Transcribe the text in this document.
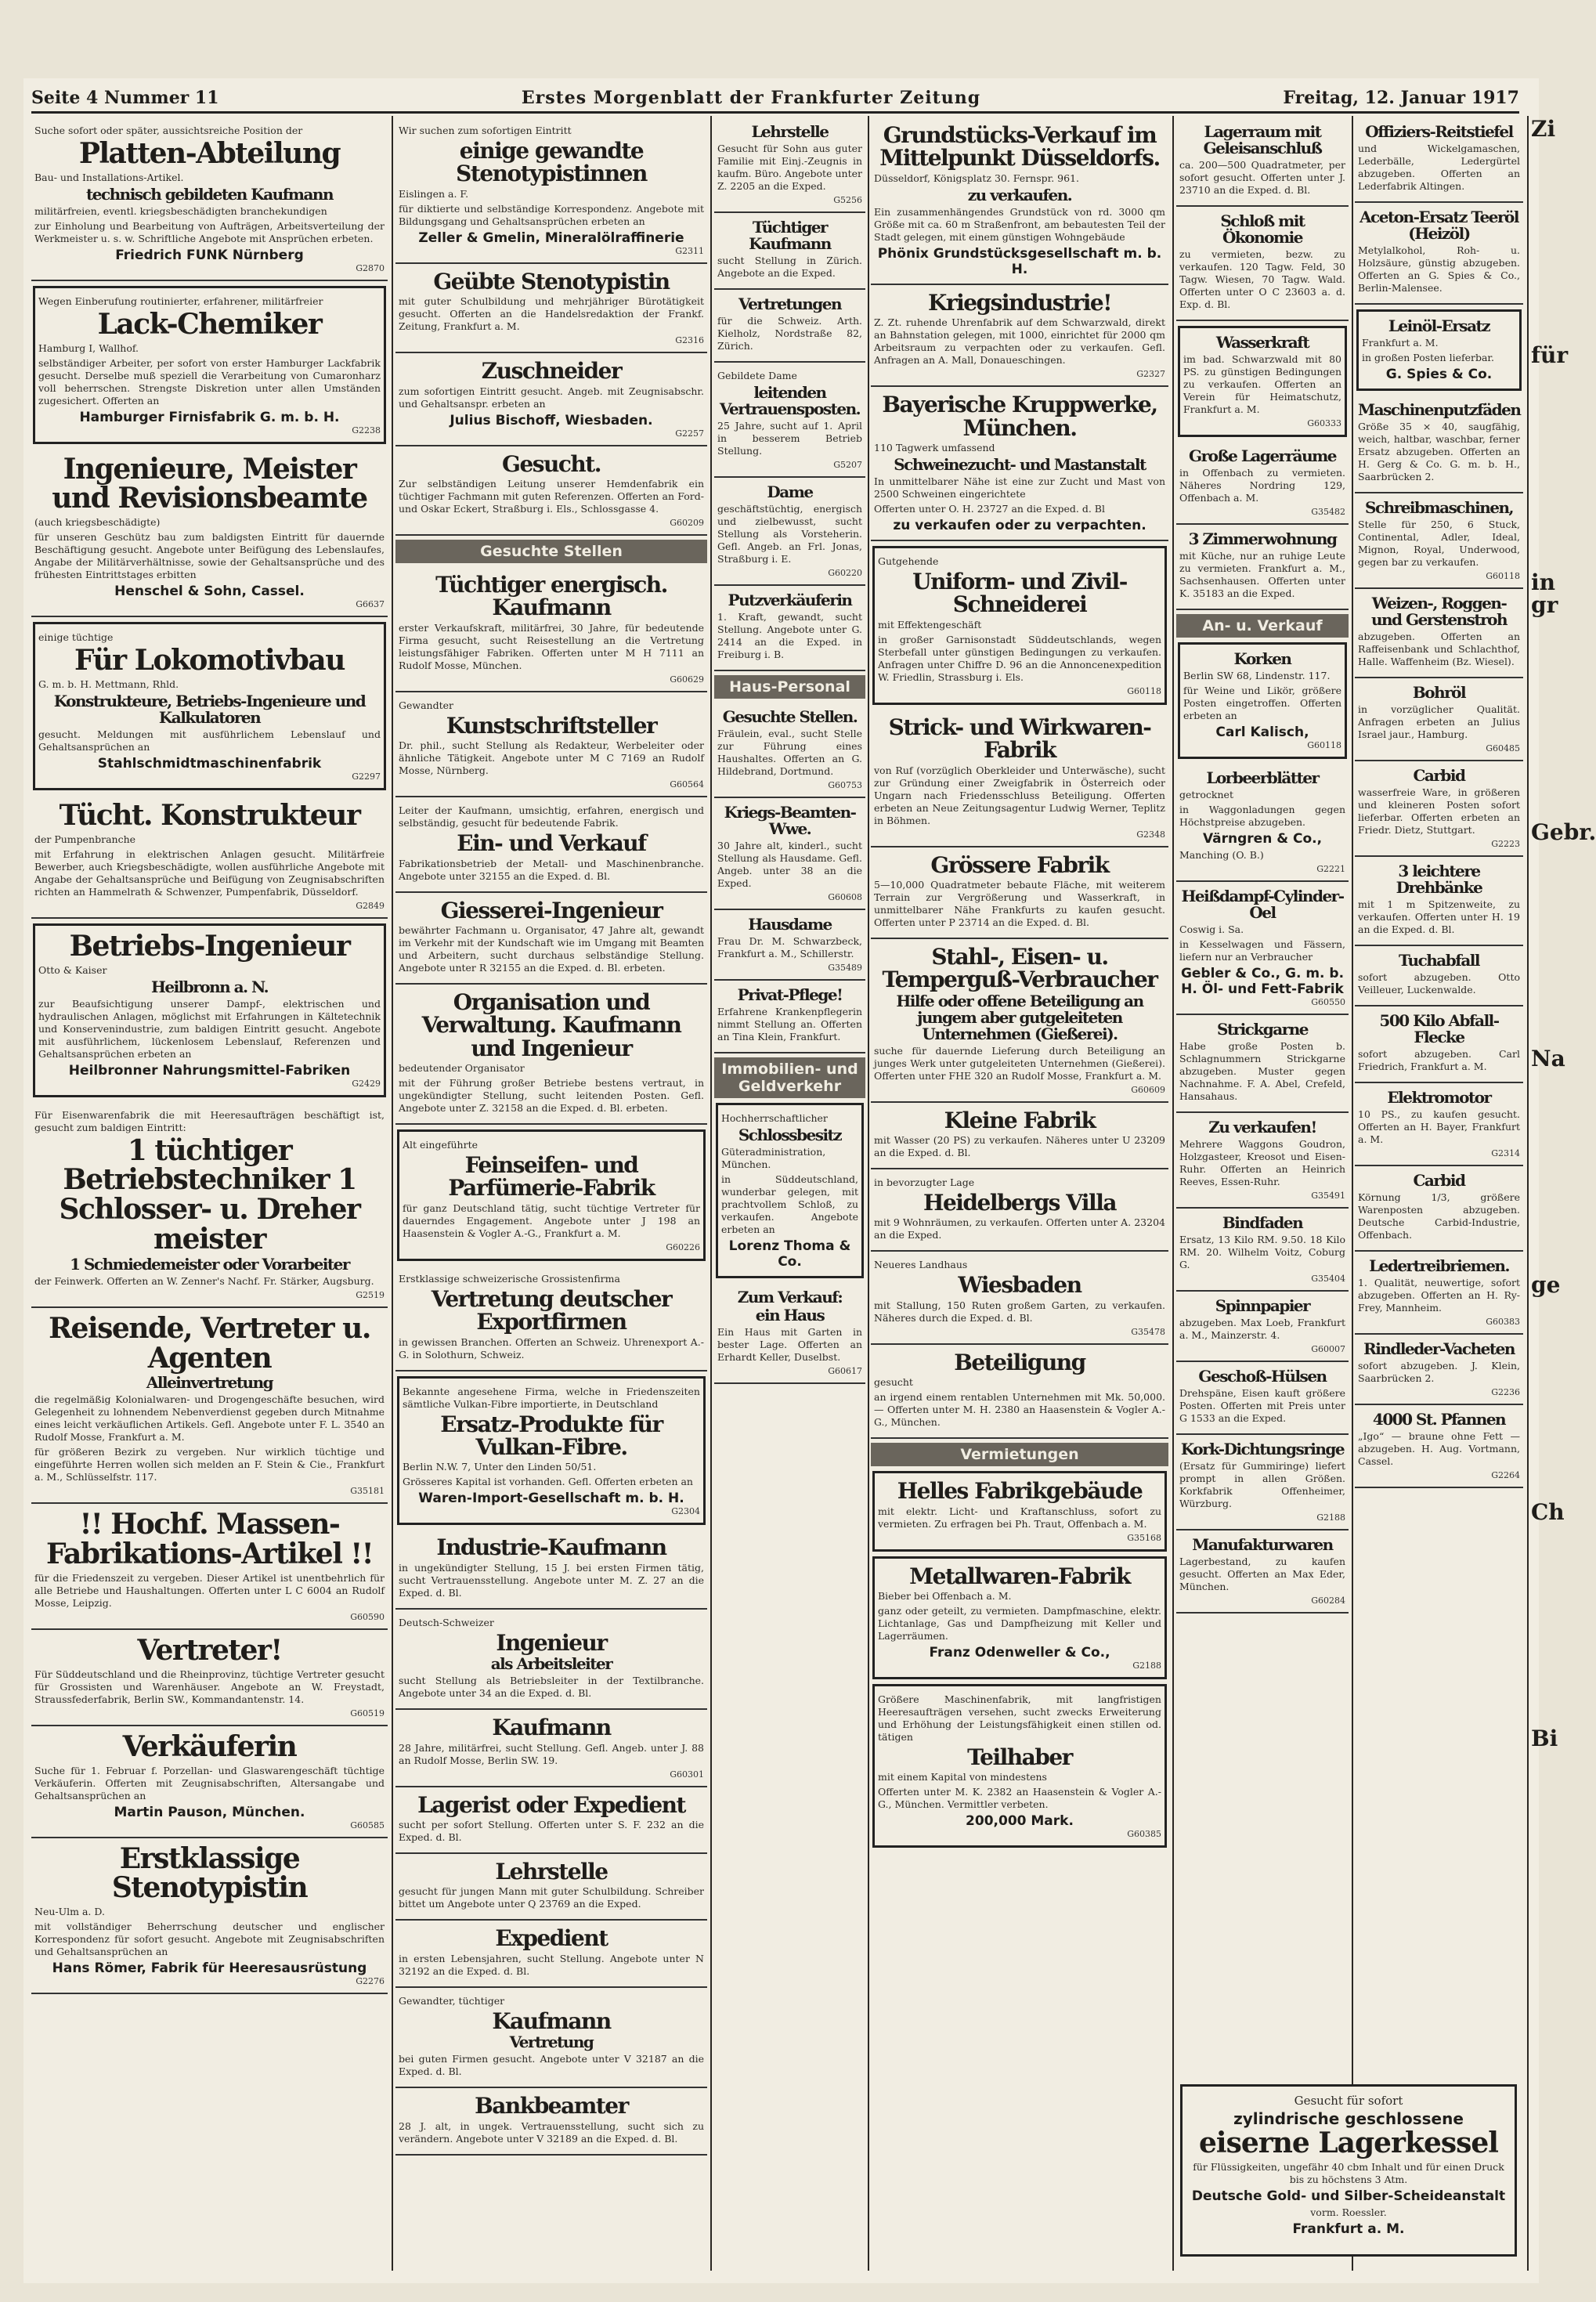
Seite 4 Nummer 11	Erstes Morgenblatt der Frankfurter Zeitung	Freitag, 12. Januar 1917
Suche sofort oder später, aussichtsreiche Position der
Platten-Abteilung
Bau- und Installations-Artikel.
technisch gebildeten Kaufmann
militärfreien, eventl. kriegsbeschädigten branchekundigen
zur Einholung und Bearbeitung von Aufträgen, Arbeitsverteilung der Werkmeister u. s. w. Schriftliche Angebote mit Ansprüchen erbeten.
Friedrich FUNK Nürnberg
G2870
Wegen Einberufung routinierter, erfahrener, militärfreier
Lack-Chemiker
Hamburg I, Wallhof.
selbständiger Arbeiter, per sofort von erster Hamburger Lackfabrik gesucht. Derselbe muß speziell die Verarbeitung von Cumaronharz voll beherrschen. Strengste Diskretion unter allen Umständen zugesichert. Offerten an
Hamburger Firnisfabrik G. m. b. H.
G2238
Ingenieure, Meister und Revisionsbeamte
(auch kriegsbeschädigte)
für unseren Geschütz bau zum baldigsten Eintritt für dauernde Beschäftigung gesucht. Angebote unter Beifügung des Lebenslaufes, Angabe der Militärverhältnisse, sowie der Gehaltsansprüche und des frühesten Eintrittstages erbitten
Henschel & Sohn, Cassel.
G6637
einige tüchtige
Für Lokomotivbau
G. m. b. H. Mettmann, Rhld.
Konstrukteure, Betriebs-Ingenieure und Kalkulatoren
gesucht. Meldungen mit ausführlichem Lebenslauf und Gehaltsansprüchen an
Stahlschmidtmaschinenfabrik
G2297
Tücht. Konstrukteur
der Pumpenbranche
mit Erfahrung in elektrischen Anlagen gesucht. Militärfreie Bewerber, auch Kriegsbeschädigte, wollen ausführliche Angebote mit Angabe der Gehaltsansprüche und Beifügung von Zeugnisabschriften richten an Hammelrath & Schwenzer, Pumpenfabrik, Düsseldorf.
G2849
Betriebs-Ingenieur
Otto & Kaiser
Heilbronn a. N.
zur Beaufsichtigung unserer Dampf-, elektrischen und hydraulischen Anlagen, möglichst mit Erfahrungen in Kältetechnik und Konservenindustrie, zum baldigen Eintritt gesucht. Angebote mit ausführlichem, lückenlosem Lebenslauf, Referenzen und Gehaltsansprüchen erbeten an
Heilbronner Nahrungsmittel-Fabriken
G2429
Für Eisenwarenfabrik die mit Heeresaufträgen beschäftigt ist, gesucht zum baldigen Eintritt:
1 tüchtiger Betriebstechniker 1 Schlosser- u. Dreher meister
1 Schmiedemeister oder Vorarbeiter
der Feinwerk. Offerten an W. Zenner's Nachf. Fr. Stärker, Augsburg.
G2519
Reisende, Vertreter u. Agenten
Alleinvertretung
die regelmäßig Kolonialwaren- und Drogengeschäfte besuchen, wird Gelegenheit zu lohnendem Nebenverdienst gegeben durch Mitnahme eines leicht verkäuflichen Artikels. Gefl. Angebote unter F. L. 3540 an Rudolf Mosse, Frankfurt a. M.
für größeren Bezirk zu vergeben. Nur wirklich tüchtige und eingeführte Herren wollen sich melden an F. Stein & Cie., Frankfurt a. M., Schlüsselfstr. 117.
G35181
!! Hochf. Massen-Fabrikations-Artikel !!
für die Friedenszeit zu vergeben. Dieser Artikel ist unentbehrlich für alle Betriebe und Haushaltungen. Offerten unter L C 6004 an Rudolf Mosse, Leipzig.
G60590
Vertreter!
Für Süddeutschland und die Rheinprovinz, tüchtige Vertreter gesucht für Grossisten und Warenhäuser. Angebote an W. Freystadt, Straussfederfabrik, Berlin SW., Kommandantenstr. 14.
G60519
Verkäuferin
Suche für 1. Februar f. Porzellan- und Glaswarengeschäft tüchtige Verkäuferin. Offerten mit Zeugnisabschriften, Altersangabe und Gehaltsansprüchen an
Martin Pauson, München.
G60585
Erstklassige Stenotypistin
Neu-Ulm a. D.
mit vollständiger Beherrschung deutscher und englischer Korrespondenz für sofort gesucht. Angebote mit Zeugnisabschriften und Gehaltsansprüchen an
Hans Römer, Fabrik für Heeresausrüstung
G2276
Wir suchen zum sofortigen Eintritt
einige gewandte Stenotypistinnen
Eislingen a. F.
für diktierte und selbständige Korrespondenz. Angebote mit Bildungsgang und Gehaltsansprüchen erbeten an
Zeller & Gmelin, Mineralölraffinerie
G2311
Geübte Stenotypistin
mit guter Schulbildung und mehrjähriger Bürotätigkeit gesucht. Offerten an die Handelsredaktion der Frankf. Zeitung, Frankfurt a. M.
G2316
Zuschneider
zum sofortigen Eintritt gesucht. Angeb. mit Zeugnisabschr. und Gehaltsanspr. erbeten an
Julius Bischoff, Wiesbaden.
G2257
Gesucht.
Zur selbständigen Leitung unserer Hemdenfabrik ein tüchtiger Fachmann mit guten Referenzen. Offerten an Ford- und Oskar Eckert, Straßburg i. Els., Schlossgasse 4.
G60209
Gesuchte Stellen
Tüchtiger energisch. Kaufmann
erster Verkaufskraft, militärfrei, 30 Jahre, für bedeutende Firma gesucht, sucht Reisestellung an die Vertretung leistungsfähiger Fabriken. Offerten unter M H 7111 an Rudolf Mosse, München.
G60629
Gewandter
Kunstschriftsteller
Dr. phil., sucht Stellung als Redakteur, Werbeleiter oder ähnliche Tätigkeit. Angebote unter M C 7169 an Rudolf Mosse, Nürnberg.
G60564
Leiter der Kaufmann, umsichtig, erfahren, energisch und selbständig, gesucht für bedeutende Fabrik.
Ein- und Verkauf
Fabrikationsbetrieb der Metall- und Maschinenbranche. Angebote unter 32155 an die Exped. d. Bl.
Giesserei-Ingenieur
bewährter Fachmann u. Organisator, 47 Jahre alt, gewandt im Verkehr mit der Kundschaft wie im Umgang mit Beamten und Arbeitern, sucht durchaus selbständige Stellung. Angebote unter R 32155 an die Exped. d. Bl. erbeten.
Organisation und Verwaltung. Kaufmann und Ingenieur
bedeutender Organisator
mit der Führung großer Betriebe bestens vertraut, in ungekündigter Stellung, sucht leitenden Posten. Gefl. Angebote unter Z. 32158 an die Exped. d. Bl. erbeten.
Alt eingeführte
Feinseifen- und Parfümerie-Fabrik
für ganz Deutschland tätig, sucht tüchtige Vertreter für dauerndes Engagement. Angebote unter J 198 an Haasenstein & Vogler A.-G., Frankfurt a. M.
G60226
Erstklassige schweizerische Grossistenfirma
Vertretung deutscher Exportfirmen
in gewissen Branchen. Offerten an Schweiz. Uhrenexport A.-G. in Solothurn, Schweiz.
Bekannte angesehene Firma, welche in Friedenszeiten sämtliche Vulkan-Fibre importierte, in Deutschland
Ersatz-Produkte für Vulkan-Fibre.
Berlin N.W. 7, Unter den Linden 50/51.
Grösseres Kapital ist vorhanden. Gefl. Offerten erbeten an
Waren-Import-Gesellschaft m. b. H.
G2304
Industrie-Kaufmann
in ungekündigter Stellung, 15 J. bei ersten Firmen tätig, sucht Vertrauensstellung. Angebote unter M. Z. 27 an die Exped. d. Bl.
Deutsch-Schweizer
Ingenieur
als Arbeitsleiter
sucht Stellung als Betriebsleiter in der Textilbranche. Angebote unter 34 an die Exped. d. Bl.
Kaufmann
28 Jahre, militärfrei, sucht Stellung. Gefl. Angeb. unter J. 88 an Rudolf Mosse, Berlin SW. 19.
G60301
Lagerist oder Expedient
sucht per sofort Stellung. Offerten unter S. F. 232 an die Exped. d. Bl.
Lehrstelle
gesucht für jungen Mann mit guter Schulbildung. Schreiber bittet um Angebote unter Q 23769 an die Exped.
Expedient
in ersten Lebensjahren, sucht Stellung. Angebote unter N 32192 an die Exped. d. Bl.
Gewandter, tüchtiger
Kaufmann
Vertretung
bei guten Firmen gesucht. Angebote unter V 32187 an die Exped. d. Bl.
Bankbeamter
28 J. alt, in ungek. Vertrauensstellung, sucht sich zu verändern. Angebote unter V 32189 an die Exped. d. Bl.
Lehrstelle
Gesucht für Sohn aus guter Familie mit Einj.-Zeugnis in kaufm. Büro. Angebote unter Z. 2205 an die Exped.
G5256
Tüchtiger Kaufmann
sucht Stellung in Zürich. Angebote an die Exped.
Vertretungen
für die Schweiz. Arth. Kielholz, Nordstraße 82, Zürich.
Gebildete Dame
leitenden Vertrauensposten.
25 Jahre, sucht auf 1. April in besserem Betrieb Stellung.
G5207
Dame
geschäftstüchtig, energisch und zielbewusst, sucht Stellung als Vorsteherin. Gefl. Angeb. an Frl. Jonas, Straßburg i. E.
G60220
Putzverkäuferin
1. Kraft, gewandt, sucht Stellung. Angebote unter G. 2414 an die Exped. in Freiburg i. B.
Haus-Personal
Gesuchte Stellen.
Fräulein, eval., sucht Stelle zur Führung eines Haushaltes. Offerten an G. Hildebrand, Dortmund.
G60753
Kriegs-Beamten-Wwe.
30 Jahre alt, kinderl., sucht Stellung als Hausdame. Gefl. Angeb. unter 38 an die Exped.
G60608
Hausdame
Frau Dr. M. Schwarzbeck, Frankfurt a. M., Schillerstr.
G35489
Privat-Pflege!
Erfahrene Krankenpflegerin nimmt Stellung an. Offerten an Tina Klein, Frankfurt.
Immobilien- und Geldverkehr
Hochherrschaftlicher
Schlossbesitz
Güteradministration, München.
in Süddeutschland, wunderbar gelegen, mit prachtvollem Schloß, zu verkaufen. Angebote erbeten an
Lorenz Thoma & Co.
Zum Verkauf:
ein Haus
Ein Haus mit Garten in bester Lage. Offerten an Erhardt Keller, Duselbst.
G60617
Grundstücks-Verkauf im Mittelpunkt Düsseldorfs.
Düsseldorf, Königsplatz 30. Fernspr. 961.
zu verkaufen.
Ein zusammenhängendes Grundstück von rd. 3000 qm Größe mit ca. 60 m Straßenfront, am bebautesten Teil der Stadt gelegen, mit einem günstigen Wohngebäude
Phönix Grundstücksgesellschaft m. b. H.
Kriegsindustrie!
Z. Zt. ruhende Uhrenfabrik auf dem Schwarzwald, direkt an Bahnstation gelegen, mit 1000, einrichtet für 2000 qm Arbeitsraum zu verpachten oder zu verkaufen. Gefl. Anfragen an A. Mall, Donaueschingen.
G2327
Bayerische Kruppwerke, München.
110 Tagwerk umfassend
Schweinezucht- und Mastanstalt
In unmittelbarer Nähe ist eine zur Zucht und Mast von 2500 Schweinen eingerichtete
Offerten unter O. H. 23727 an die Exped. d. Bl
zu verkaufen oder zu verpachten.
Gutgehende
Uniform- und Zivil-Schneiderei
mit Effektengeschäft
in großer Garnisonstadt Süddeutschlands, wegen Sterbefall unter günstigen Bedingungen zu verkaufen. Anfragen unter Chiffre D. 96 an die Annoncenexpedition W. Friedlin, Strassburg i. Els.
G60118
Strick- und Wirkwaren-Fabrik
von Ruf (vorzüglich Oberkleider und Unterwäsche), sucht zur Gründung einer Zweigfabrik in Österreich oder Ungarn nach Friedensschluss Beteiligung. Offerten erbeten an Neue Zeitungsagentur Ludwig Werner, Teplitz in Böhmen.
G2348
Grössere Fabrik
5—10,000 Quadratmeter bebaute Fläche, mit weiterem Terrain zur Vergrößerung und Wasserkraft, in unmittelbarer Nähe Frankfurts zu kaufen gesucht. Offerten unter P 23714 an die Exped. d. Bl.
Stahl-, Eisen- u. Temperguß-Verbraucher
Hilfe oder offene Beteiligung an jungem aber gutgeleiteten Unternehmen (Gießerei).
suche für dauernde Lieferung durch Beteiligung an junges Werk unter gutgeleiteten Unternehmen (Gießerei). Offerten unter FHE 320 an Rudolf Mosse, Frankfurt a. M.
G60609
Kleine Fabrik
mit Wasser (20 PS) zu verkaufen. Näheres unter U 23209 an die Exped. d. Bl.
in bevorzugter Lage
Heidelbergs Villa
mit 9 Wohnräumen, zu verkaufen. Offerten unter A. 23204 an die Exped.
Neueres Landhaus
Wiesbaden
mit Stallung, 150 Ruten großem Garten, zu verkaufen. Näheres durch die Exped. d. Bl.
G35478
Beteiligung
gesucht
an irgend einem rentablen Unternehmen mit Mk. 50,000. — Offerten unter M. H. 2380 an Haasenstein & Vogler A.-G., München.
Vermietungen
Helles Fabrikgebäude
mit elektr. Licht- und Kraftanschluss, sofort zu vermieten. Zu erfragen bei Ph. Traut, Offenbach a. M.
G35168
Metallwaren-Fabrik
Bieber bei Offenbach a. M.
ganz oder geteilt, zu vermieten. Dampfmaschine, elektr. Lichtanlage, Gas und Dampfheizung mit Keller und Lagerräumen.
Franz Odenweller & Co.,
G2188
Größere Maschinenfabrik, mit langfristigen Heeresaufträgen versehen, sucht zwecks Erweiterung und Erhöhung der Leistungsfähigkeit einen stillen od. tätigen
Teilhaber
mit einem Kapital von mindestens
Offerten unter M. K. 2382 an Haasenstein & Vogler A.-G., München. Vermittler verbeten.
200,000 Mark.
G60385
Lagerraum mit Geleisanschluß
ca. 200—500 Quadratmeter, per sofort gesucht. Offerten unter J. 23710 an die Exped. d. Bl.
Schloß mit Ökonomie
zu vermieten, bezw. zu verkaufen. 120 Tagw. Feld, 30 Tagw. Wiesen, 70 Tagw. Wald. Offerten unter O C 23603 a. d. Exp. d. Bl.
Wasserkraft
im bad. Schwarzwald mit 80 PS. zu günstigen Bedingungen zu verkaufen. Offerten an Verein für Heimatschutz, Frankfurt a. M.
G60333
Große Lagerräume
in Offenbach zu vermieten. Näheres Nordring 129, Offenbach a. M.
G35482
3 Zimmerwohnung
mit Küche, nur an ruhige Leute zu vermieten. Frankfurt a. M., Sachsenhausen. Offerten unter K. 35183 an die Exped.
An- u. Verkauf
Korken
Berlin SW 68, Lindenstr. 117.
für Weine und Likör, größere Posten eingetroffen. Offerten erbeten an
Carl Kalisch,
G60118
Lorbeerblätter
getrocknet
in Waggonladungen gegen Höchstpreise abzugeben.
Värngren & Co.,
Manching (O. B.)
G2221
Heißdampf-Cylinder-Oel
Coswig i. Sa.
in Kesselwagen und Fässern, liefern nur an Verbraucher
Gebler & Co., G. m. b. H. Öl- und Fett-Fabrik
G60550
Strickgarne
Habe große Posten b. Schlagnummern Strickgarne abzugeben. Muster gegen Nachnahme. F. A. Abel, Crefeld, Hansahaus.
Zu verkaufen!
Mehrere Waggons Goudron, Holzgasteer, Kreosot und Eisen-Ruhr. Offerten an Heinrich Reeves, Essen-Ruhr.
G35491
Bindfaden
Ersatz, 13 Kilo RM. 9.50. 18 Kilo RM. 20. Wilhelm Voitz, Coburg G.
G35404
Spinnpapier
abzugeben. Max Loeb, Frankfurt a. M., Mainzerstr. 4.
G60007
Geschoß-Hülsen
Drehspäne, Eisen kauft größere Posten. Offerten mit Preis unter G 1533 an die Exped.
Kork-Dichtungsringe
(Ersatz für Gummiringe) liefert prompt in allen Größen. Korkfabrik Offenheimer, Würzburg.
G2188
Manufakturwaren
Lagerbestand, zu kaufen gesucht. Offerten an Max Eder, München.
G60284
Offiziers-Reitstiefel
und Wickelgamaschen, Lederbälle, Ledergürtel abzugeben. Offerten an Lederfabrik Altingen.
Aceton-Ersatz Teeröl (Heizöl)
Metylalkohol, Roh- u. Holzsäure, günstig abzugeben. Offerten an G. Spies & Co., Berlin-Malensee.
Leinöl-Ersatz
Frankfurt a. M.
in großen Posten lieferbar.
G. Spies & Co.
Maschinenputzfäden
Größe 35 × 40, saugfähig, weich, haltbar, waschbar, ferner Ersatz abzugeben. Offerten an H. Gerg & Co. G. m. b. H., Saarbrücken 2.
Schreibmaschinen,
Stelle für 250, 6 Stuck, Continental, Adler, Ideal, Mignon, Royal, Underwood, gegen bar zu verkaufen.
G60118
Weizen-, Roggen- und Gerstenstroh
abzugeben. Offerten an Raffeisenbank und Schlachthof, Halle. Waffenheim (Bz. Wiesel).
Bohröl
in vorzüglicher Qualität. Anfragen erbeten an Julius Israel jaur., Hamburg.
G60485
Carbid
wasserfreie Ware, in größeren und kleineren Posten sofort lieferbar. Offerten erbeten an Friedr. Dietz, Stuttgart.
G2223
3 leichtere Drehbänke
mit 1 m Spitzenweite, zu verkaufen. Offerten unter H. 19 an die Exped. d. Bl.
Tuchabfall
sofort abzugeben. Otto Veilleuer, Luckenwalde.
500 Kilo Abfall-Flecke
sofort abzugeben. Carl Friedrich, Frankfurt a. M.
Elektromotor
10 PS., zu kaufen gesucht. Offerten an H. Bayer, Frankfurt a. M.
G2314
Carbid
Körnung 1/3, größere Warenposten abzugeben. Deutsche Carbid-Industrie, Offenbach.
Ledertreibriemen.
1. Qualität, neuwertige, sofort abzugeben. Offerten an H. Ry-Frey, Mannheim.
G60383
Rindleder-Vacheten
sofort abzugeben. J. Klein, Saarbrücken 2.
G2236
4000 St. Pfannen
„Igo“ — braune ohne Fett — abzugeben. H. Aug. Vortmann, Cassel.
G2264
Zi
für
in gr
Gebr.
Na
ge
Ch
Bi
Gesucht für sofort
zylindrische geschlossene
eiserne Lagerkessel
für Flüssigkeiten, ungefähr 40 cbm Inhalt und für einen Druck bis zu höchstens 3 Atm.
Deutsche Gold- und Silber-Scheideanstalt
vorm. Roessler.
Frankfurt a. M.
